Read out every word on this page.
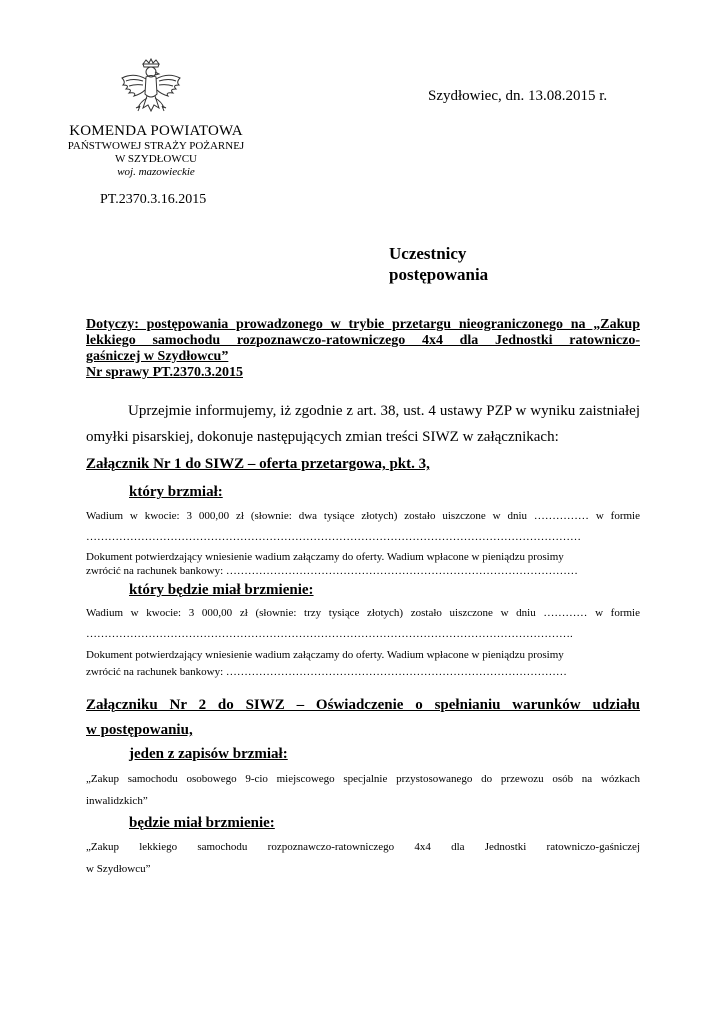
KOMENDA POWIATOWA
PAŃSTWOWEJ STRAŻY POŻARNEJ
W SZYDŁOWCU
woj. mazowieckie
PT.2370.3.16.2015
Szydłowiec, dn. 13.08.2015 r.
Uczestnicy
postępowania
Dotyczy: postępowania prowadzonego w trybie przetargu nieograniczonego na „Zakup
lekkiego samochodu rozpoznawczo-ratowniczego 4x4 dla Jednostki ratowniczo-
gaśniczej w Szydłowcu”
Nr sprawy PT.2370.3.2015
Uprzejmie informujemy, iż zgodnie z art. 38, ust. 4 ustawy PZP w wyniku zaistniałej
omyłki pisarskiej, dokonuje następujących zmian treści SIWZ w załącznikach:
Załącznik Nr 1 do SIWZ – oferta przetargowa, pkt. 3,
który brzmiał:
Wadium w kwocie: 3 000,00 zł (słownie: dwa tysiące złotych) zostało uiszczone w dniu …………… w formie
………………………………………………………………………………………………………………………
Dokument potwierdzający wniesienie wadium załączamy do oferty. Wadium wpłacone w pieniądzu prosimy
zwrócić na rachunek bankowy: ……………………………………………………………………………………
który będzie miał brzmienie:
Wadium w kwocie: 3 000,00 zł (słownie: trzy tysiące złotych) zostało uiszczone w dniu ………… w formie
…………………………………………………………………………………………………………………….
Dokument potwierdzający wniesienie wadium załączamy do oferty. Wadium wpłacone w pieniądzu prosimy
zwrócić na rachunek bankowy: …………………………………………………………………………………
Załączniku Nr 2 do SIWZ – Oświadczenie o spełnianiu warunków udziału
w postępowaniu,
jeden z zapisów brzmiał:
„Zakup samochodu osobowego 9-cio miejscowego specjalnie przystosowanego do przewozu osób na wózkach
inwalidzkich”
będzie miał brzmienie:
„Zakup lekkiego samochodu rozpoznawczo-ratowniczego 4x4 dla Jednostki ratowniczo-gaśniczej
w Szydłowcu”
